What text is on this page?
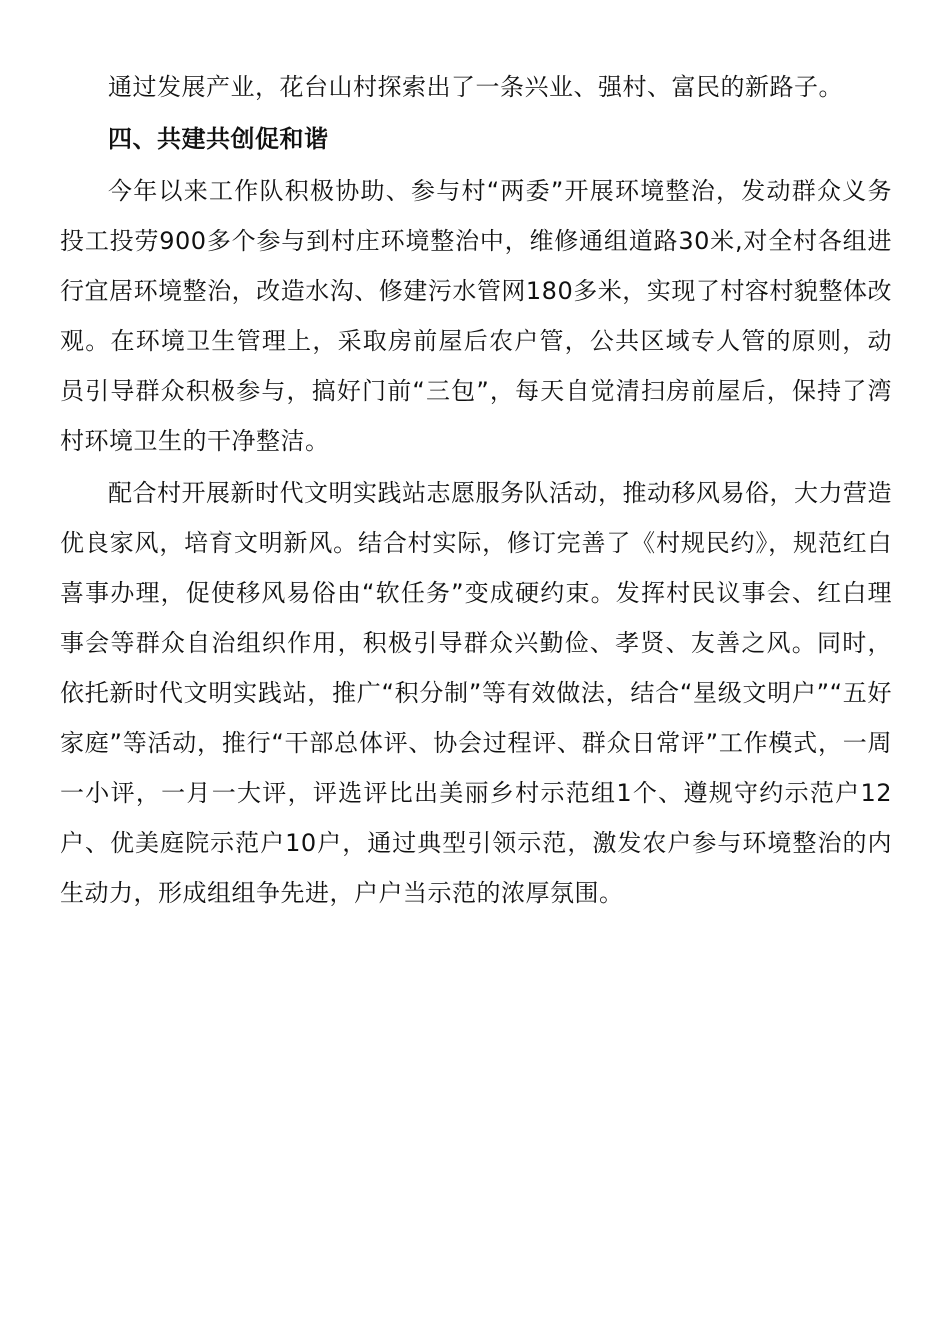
通过发展产业，花台山村探索出了一条兴业、强村、富民的新路子。

四、共建共创促和谐

今年以来工作队积极协助、参与村“两委”开展环境整治，发动群众义务投工投劳900多个参与到村庄环境整治中，维修通组道路30米,对全村各组进行宜居环境整治，改造水沟、修建污水管网180多米，实现了村容村貌整体改观。在环境卫生管理上，采取房前屋后农户管，公共区域专人管的原则，动员引导群众积极参与，搞好门前“三包”，每天自觉清扫房前屋后，保持了湾村环境卫生的干净整洁。

配合村开展新时代文明实践站志愿服务队活动，推动移风易俗，大力营造优良家风，培育文明新风。结合村实际，修订完善了《村规民约》，规范红白喜事办理，促使移风易俗由“软任务”变成硬约束。发挥村民议事会、红白理事会等群众自治组织作用，积极引导群众兴勤俭、孝贤、友善之风。同时，依托新时代文明实践站，推广“积分制”等有效做法，结合“星级文明户”“五好家庭”等活动，推行“干部总体评、协会过程评、群众日常评”工作模式，一周一小评，一月一大评，评选评比出美丽乡村示范组1个、遵规守约示范户12户、优美庭院示范户10户，通过典型引领示范，激发农户参与环境整治的内生动力，形成组组争先进，户户当示范的浓厚氛围。
